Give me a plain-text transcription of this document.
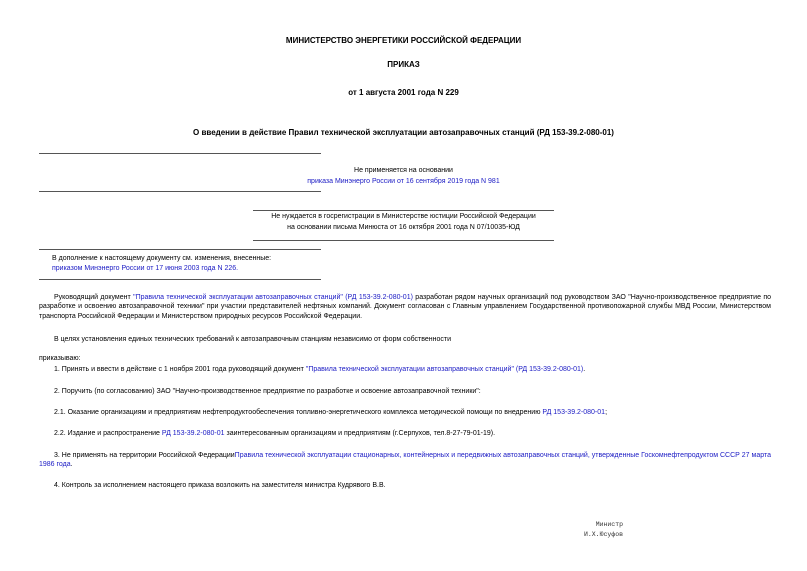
МИНИСТЕРСТВО ЭНЕРГЕТИКИ РОССИЙСКОЙ ФЕДЕРАЦИИ
ПРИКАЗ
от 1 августа 2001 года N 229
О введении в действие Правил технической эксплуатации автозаправочных станций (РД 153-39.2-080-01)
Не применяется на основании
приказа Минэнерго России от 16 сентября 2019 года N 981
Не нуждается в госрегистрации в Министерстве юстиции Российской Федерации
на основании письма Минюста от 16 октября 2001 года N 07/10035-ЮД
В дополнение к настоящему документу см. изменения, внесенные:
приказом Минэнерго России от 17 июня 2003 года N 226.
Руководящий документ "Правила технической эксплуатации автозаправочных станций" (РД 153-39.2-080-01) разработан рядом научных организаций под руководством ЗАО "Научно-производственное предприятие по разработке и освоению автозаправочной техники" при участии представителей нефтяных компаний. Документ согласован с Главным управлением Государственной противопожарной службы МВД России, Министерством транспорта Российской Федерации и Министерством природных ресурсов Российской Федерации.
В целях установления единых технических требований к автозаправочным станциям независимо от форм собственности
приказываю:
1. Принять и ввести в действие с 1 ноября 2001 года руководящий документ "Правила технической эксплуатации автозаправочных станций" (РД 153-39.2-080-01).
2. Поручить (по согласованию) ЗАО "Научно-производственное предприятие по разработке и освоение автозаправочной техники":
2.1. Оказание организациям и предприятиям нефтепродуктообеспечения топливно-энергетического комплекса методической помощи по внедрению РД 153-39.2-080-01;
2.2. Издание и распространение РД 153-39.2-080-01 заинтересованным организациям и предприятиям (г.Серпухов, тел.8-27-79-01-19).
3. Не применять на территории Российской ФедерацииПравила технической эксплуатации стационарных, контейнерных и передвижных автозаправочных станций, утвержденные Госкомнефтепродуктом СССР 27 марта 1986 года.
4. Контроль за исполнением настоящего приказа возложить на заместителя министра Кудрявого В.В.
Министр
И.Х.Юсуфов
